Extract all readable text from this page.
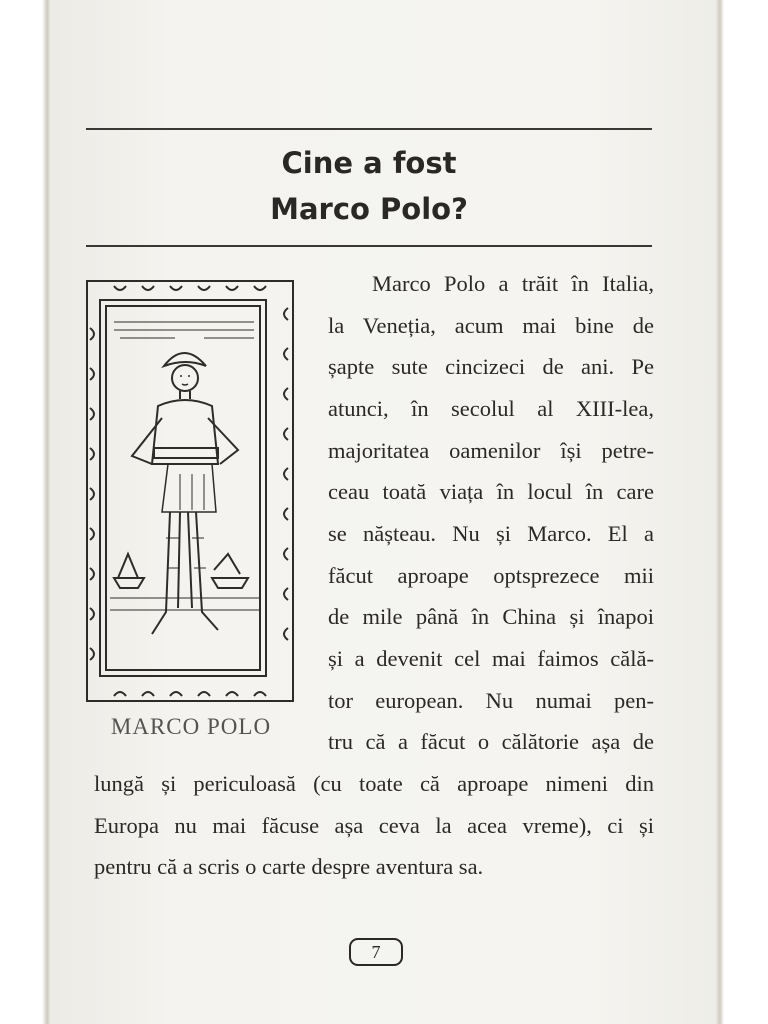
Cine a fost
Marco Polo?
MARCO POLO
Marco Polo a trăit în Italia,
la Veneția, acum mai bine de
șapte sute cincizeci de ani. Pe
atunci, în secolul al XIII-lea,
majoritatea oamenilor își petre-
ceau toată viața în locul în care
se nășteau. Nu și Marco. El a
făcut aproape optsprezece mii
de mile până în China și înapoi
și a devenit cel mai faimos călă-
tor european. Nu numai pen-
tru că a făcut o călătorie așa de
lungă și periculoasă (cu toate că aproape nimeni din
Europa nu mai făcuse așa ceva la acea vreme), ci și
pentru că a scris o carte despre aventura sa.
7
